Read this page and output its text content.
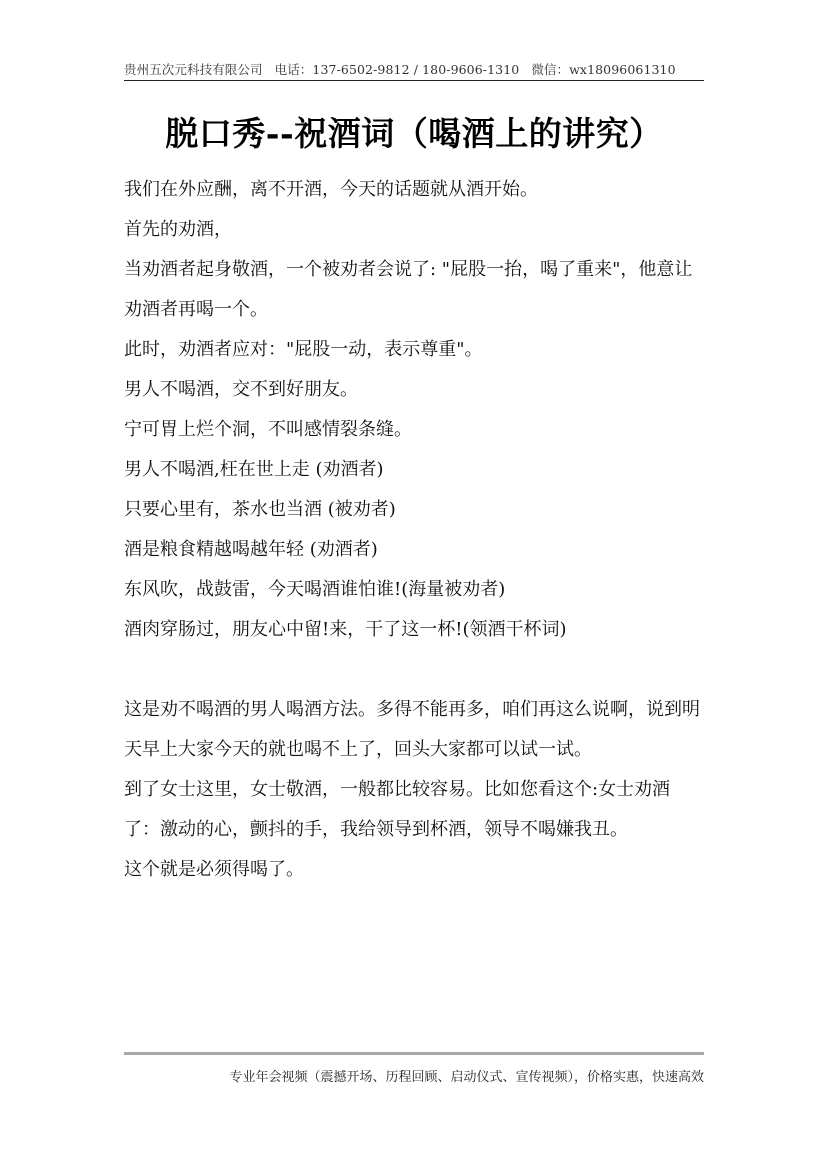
贵州五次元科技有限公司 电话：137-6502-9812 / 180-9606-1310 微信：wx18096061310
脱口秀--祝酒词（喝酒上的讲究）

我们在外应酬，离不开酒，今天的话题就从酒开始。

首先的劝酒，

当劝酒者起身敬酒，一个被劝者会说了: "屁股一抬，喝了重来"，他意让劝酒者再喝一个。

此时，劝酒者应对："屁股一动，表示尊重"。

男人不喝酒，交不到好朋友。

宁可胃上烂个洞，不叫感情裂条缝。

男人不喝酒,枉在世上走 (劝酒者)

只要心里有，茶水也当酒 (被劝者)

酒是粮食精越喝越年轻 (劝酒者)

东风吹，战鼓雷，今天喝酒谁怕谁!(海量被劝者)

酒肉穿肠过，朋友心中留!来，干了这一杯!(领酒干杯词)

这是劝不喝酒的男人喝酒方法。多得不能再多，咱们再这么说啊，说到明天早上大家今天的就也喝不上了，回头大家都可以试一试。

到了女士这里，女士敬酒，一般都比较容易。比如您看这个:女士劝酒了：激动的心，颤抖的手，我给领导到杯酒，领导不喝嫌我丑。

这个就是必须得喝了。

专业年会视频（震撼开场、历程回顾、启动仪式、宣传视频），价格实惠，快速高效
